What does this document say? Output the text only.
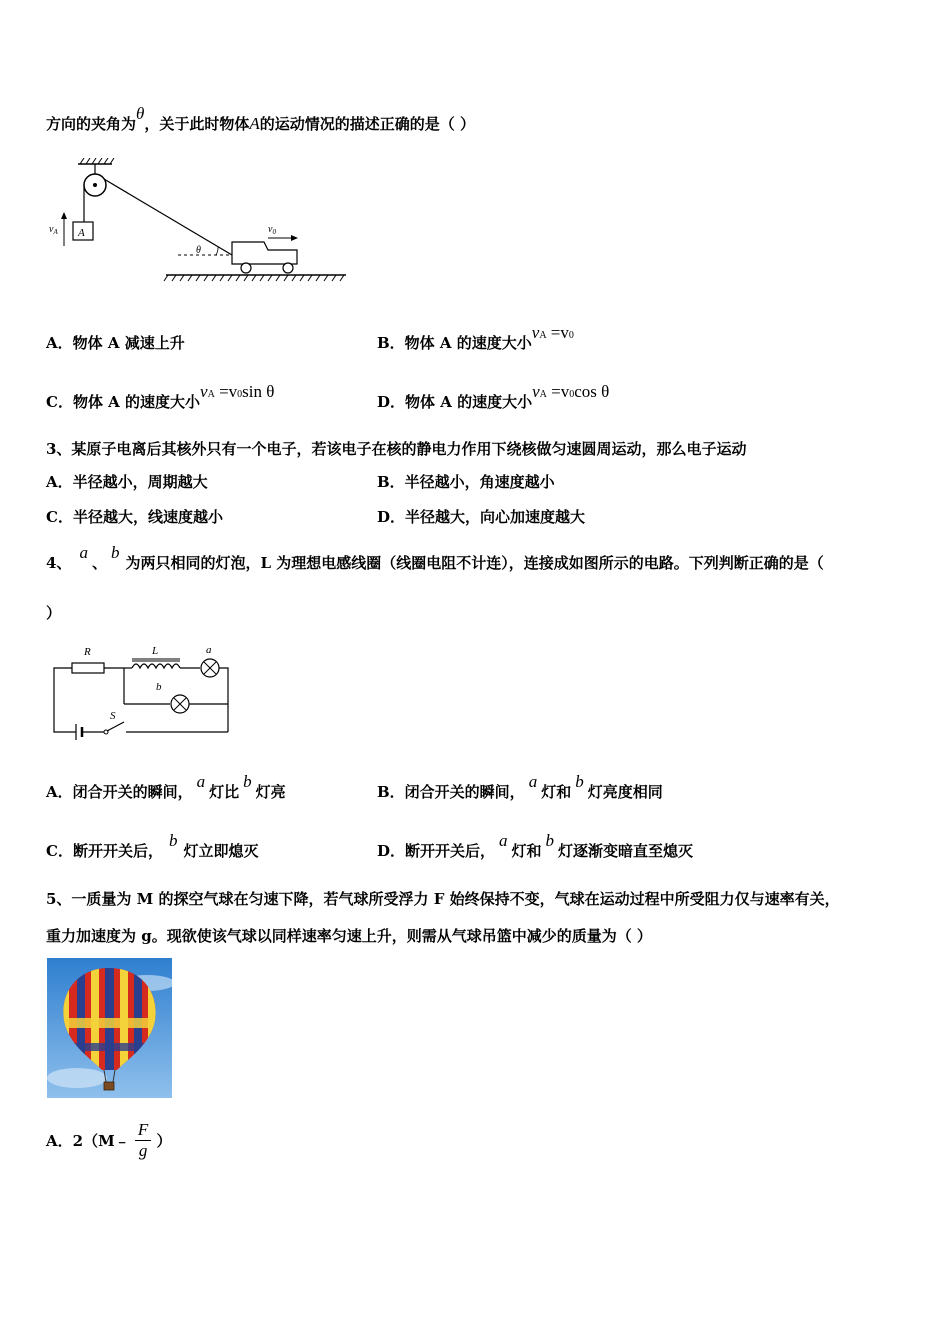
方向的夹角为θ，关于此时物体A的运动情况的描述正确的是（ ）
A
$v_A$
θ
$v_0$
A．物体 A 减速上升	B．物体 A 的速度大小vA =v0
C．物体 A 的速度大小vA =v0sin θ
D．物体 A 的速度大小vA =v0cos θ
3、某原子电离后其核外只有一个电子，若该电子在核的静电力作用下绕核做匀速圆周运动，那么电子运动
A．半径越小，周期越大	B．半径越小，角速度越小
C．半径越大，线速度越小	D．半径越大，向心加速度越大
4、a、b为两只相同的灯泡，L 为理想电感线圈（线圈电阻不计连），连接成如图所示的电路。下列判断正确的是（
）
S
R	L	a
b
A．闭合开关的瞬间，a灯比b灯亮	B．闭合开关的瞬间，a灯和b灯亮度相同
C．断开开关后，b灯立即熄灭	D．断开开关后，a灯和b灯逐渐变暗直至熄灭
5、一质量为 M 的探空气球在匀速下降，若气球所受浮力 F 始终保持不变，气球在运动过程中所受阻力仅与速率有关，
重力加速度为 g。现欲使该气球以同样速率匀速上升，则需从气球吊篮中减少的质量为（ ）
A．2（M﹣ $\frac{F}{g}$ ）
